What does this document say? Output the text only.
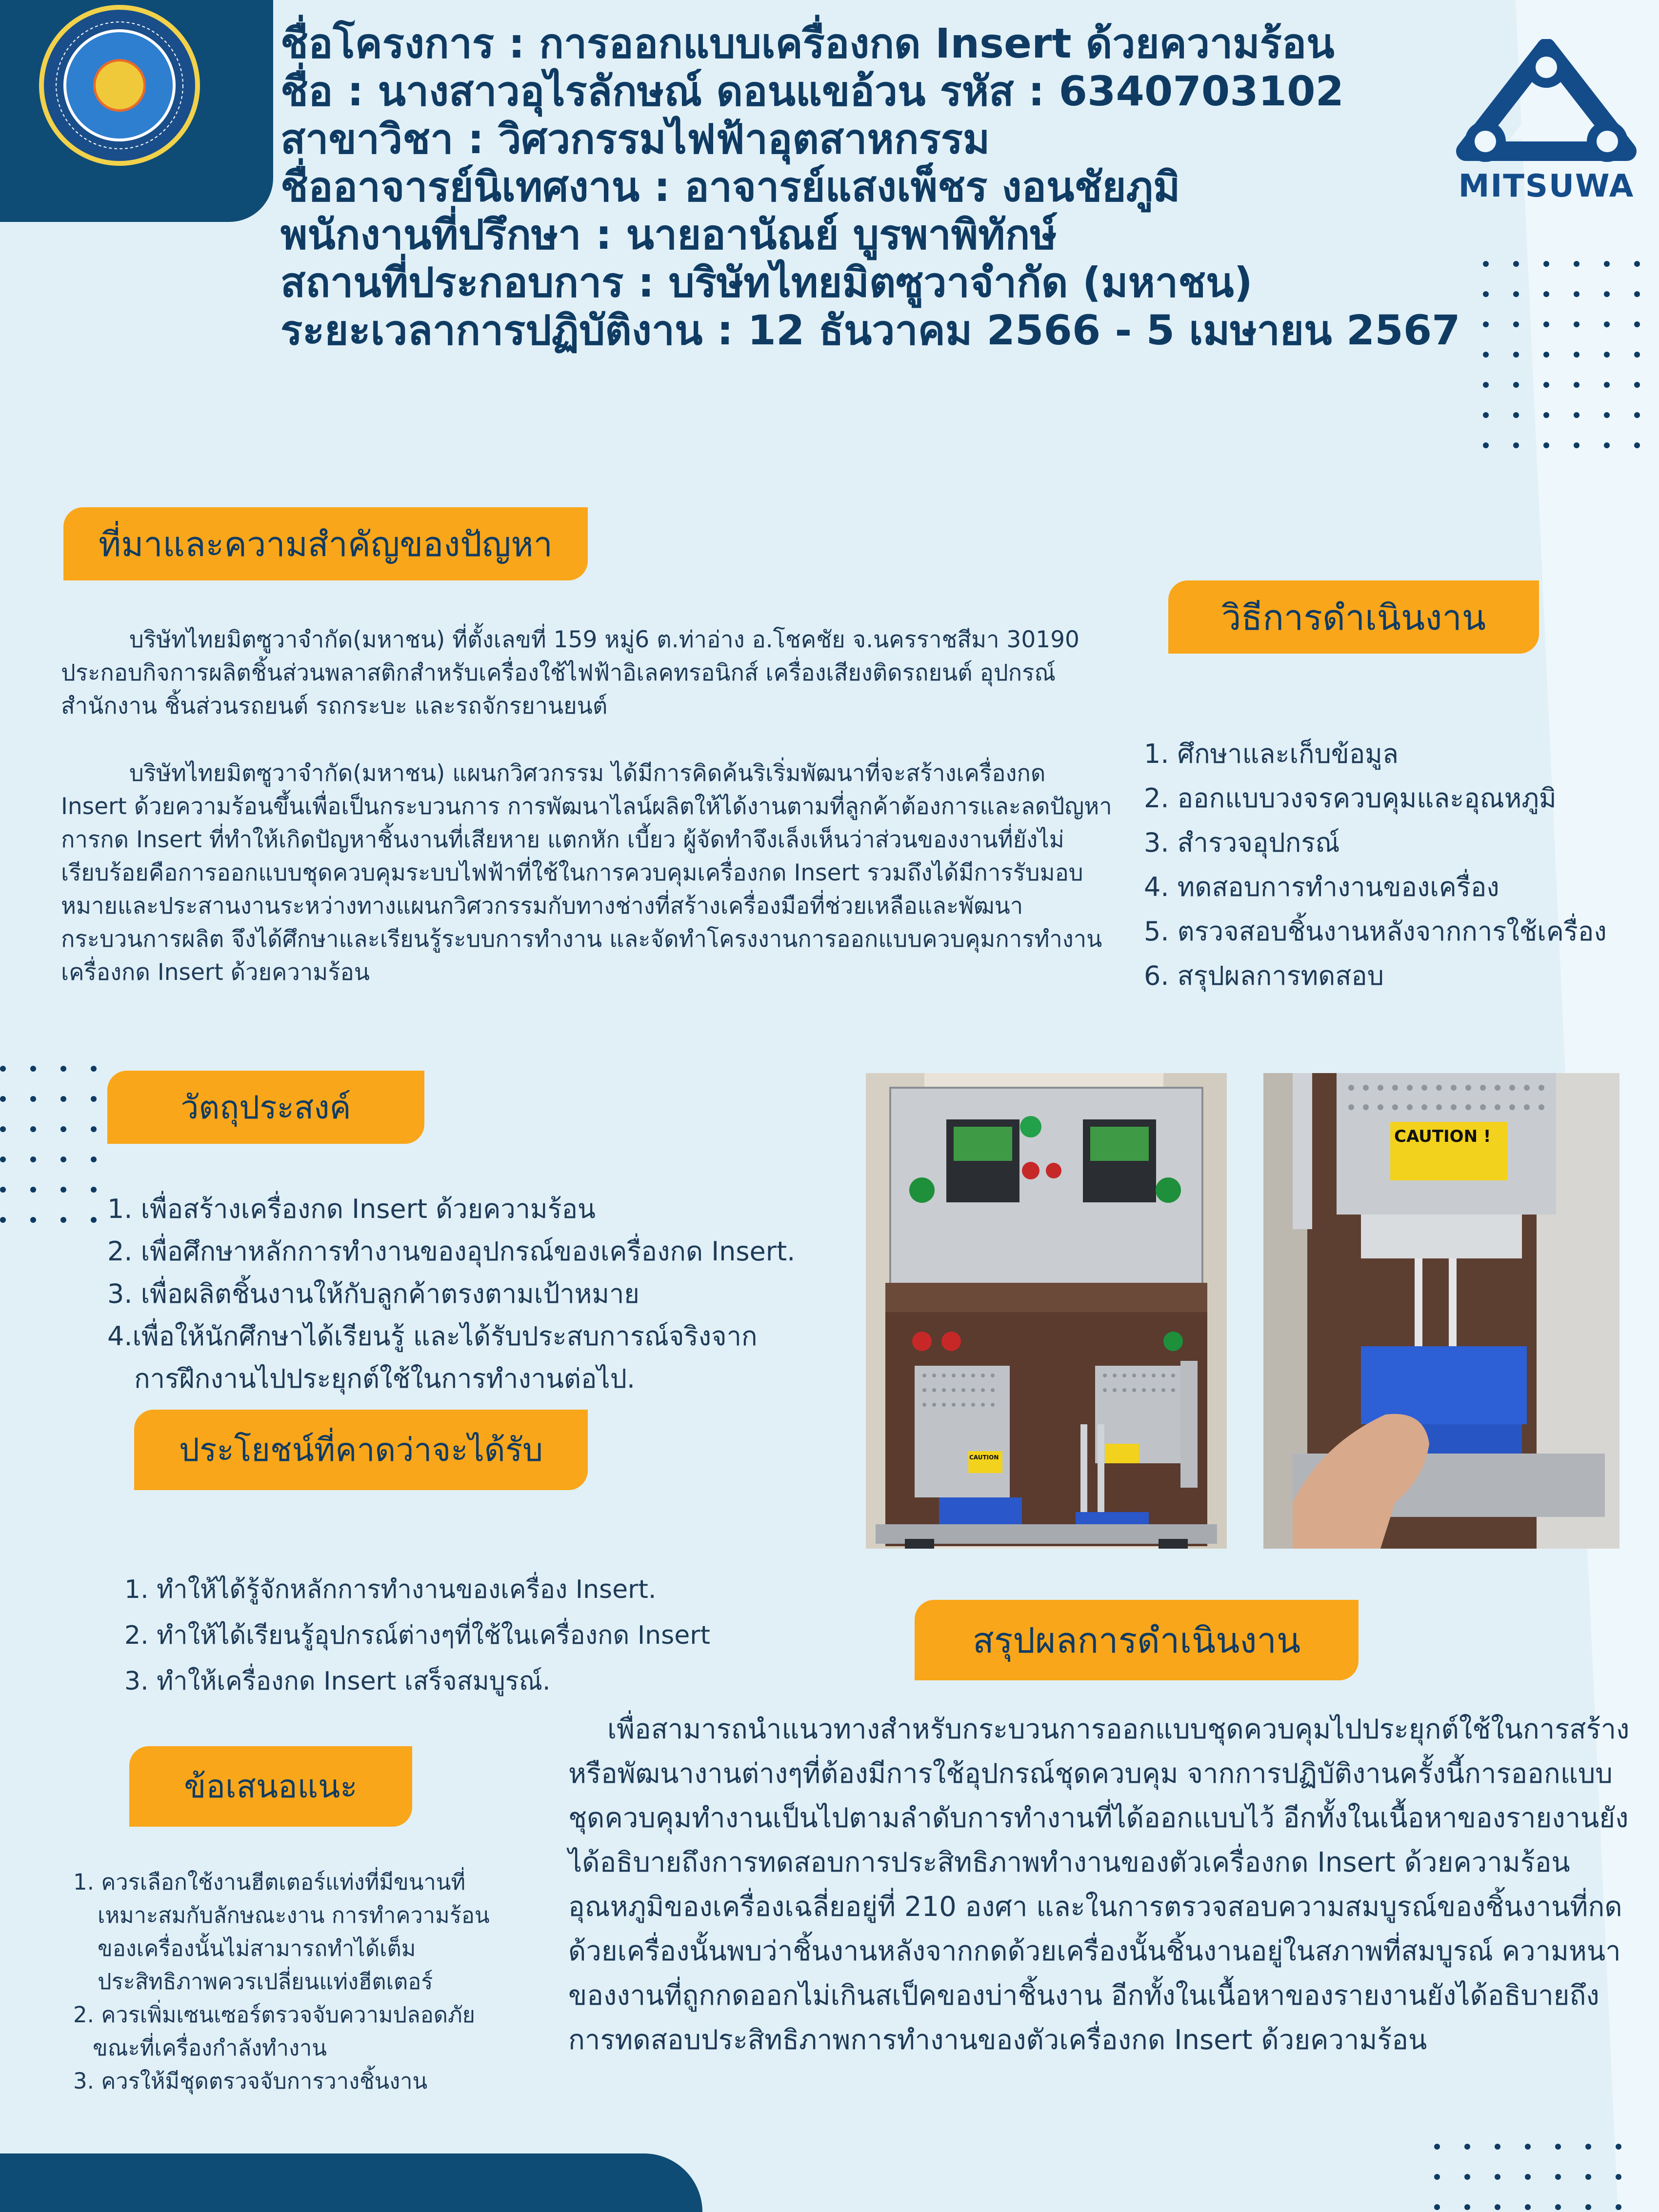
ชื่อโครงการ : การออกแบบเครื่องกด Insert ด้วยความร้อน
ชื่อ : นางสาวอุไรลักษณ์ ดอนแขอ้วน รหัส : 6340703102
สาขาวิชา : วิศวกรรมไฟฟ้าอุตสาหกรรม
ชื่ออาจารย์นิเทศงาน : อาจารย์แสงเพ็ชร งอนชัยภูมิ
พนักงานที่ปรึกษา : นายอานัณย์ บูรพาพิทักษ์
สถานที่ประกอบการ : บริษัทไทยมิตซูวาจำกัด (มหาชน)
ระยะเวลาการปฏิบัติงาน : 12 ธันวาคม 2566 - 5 เมษายน 2567
MITSUWA
ที่มาและความสำคัญของปัญหา

บริษัทไทยมิตซูวาจำกัด(มหาชน) ที่ตั้งเลขที่ 159 หมู่6 ต.ท่าอ่าง อ.โชคชัย จ.นครราชสีมา 30190 ประกอบกิจการผลิตชิ้นส่วนพลาสติกสำหรับเครื่องใช้ไฟฟ้าอิเลคทรอนิกส์ เครื่องเสียงติดรถยนต์ อุปกรณ์สำนักงาน ชิ้นส่วนรถยนต์ รถกระบะ และรถจักรยานยนต์

บริษัทไทยมิตซูวาจำกัด(มหาชน) แผนกวิศวกรรม ได้มีการคิดค้นริเริ่มพัฒนาที่จะสร้างเครื่องกด Insert ด้วยความร้อนขึ้นเพื่อเป็นกระบวนการ การพัฒนาไลน์ผลิตให้ได้งานตามที่ลูกค้าต้องการและลดปัญหาการกด Insert ที่ทำให้เกิดปัญหาชิ้นงานที่เสียหาย แตกหัก เบี้ยว ผู้จัดทำจึงเล็งเห็นว่าส่วนของงานที่ยังไม่เรียบร้อยคือการออกแบบชุดควบคุมระบบไฟฟ้าที่ใช้ในการควบคุมเครื่องกด Insert รวมถึงได้มีการรับมอบหมายและประสานงานระหว่างทางแผนกวิศวกรรมกับทางช่างที่สร้างเครื่องมือที่ช่วยเหลือและพัฒนากระบวนการผลิต จึงได้ศึกษาและเรียนรู้ระบบการทำงาน และจัดทำโครงงานการออกแบบควบคุมการทำงานเครื่องกด Insert ด้วยความร้อน

วิธีการดำเนินงาน
1. ศึกษาและเก็บข้อมูล
2. ออกแบบวงจรควบคุมและอุณหภูมิ
3. สำรวจอุปกรณ์
4. ทดสอบการทำงานของเครื่อง
5. ตรวจสอบชิ้นงานหลังจากการใช้เครื่อง
6. สรุปผลการทดสอบ
วัตถุประสงค์
1. เพื่อสร้างเครื่องกด Insert ด้วยความร้อน
2. เพื่อศึกษาหลักการทำงานของอุปกรณ์ของเครื่องกด Insert.
3. เพื่อผลิตชิ้นงานให้กับลูกค้าตรงตามเป้าหมาย
4.เพื่อให้นักศึกษาได้เรียนรู้ และได้รับประสบการณ์จริงจาก
การฝึกงานไปประยุกต์ใช้ในการทำงานต่อไป.
ประโยชน์ที่คาดว่าจะได้รับ
1. ทำให้ได้รู้จักหลักการทำงานของเครื่อง Insert.
2. ทำให้ได้เรียนรู้อุปกรณ์ต่างๆที่ใช้ในเครื่องกด Insert
3. ทำให้เครื่องกด Insert เสร็จสมบูรณ์.
ข้อเสนอแนะ
1. ควรเลือกใช้งานฮีตเตอร์แท่งที่มีขนานที่
เหมาะสมกับลักษณะงาน การทำความร้อน
ของเครื่องนั้นไม่สามารถทำได้เต็ม
ประสิทธิภาพควรเปลี่ยนแท่งฮีตเตอร์
2. ควรเพิ่มเซนเซอร์ตรวจจับความปลอดภัย
ขณะที่เครื่องกำลังทำงาน
3. ควรให้มีชุดตรวจจับการวางชิ้นงาน
สรุปผลการดำเนินงาน

เพื่อสามารถนำแนวทางสำหรับกระบวนการออกแบบชุดควบคุมไปประยุกต์ใช้ในการสร้างหรือพัฒนางานต่างๆที่ต้องมีการใช้อุปกรณ์ชุดควบคุม จากการปฏิบัติงานครั้งนี้การออกแบบชุดควบคุมทำงานเป็นไปตามลำดับการทำงานที่ได้ออกแบบไว้ อีกทั้งในเนื้อหาของรายงานยังได้อธิบายถึงการทดสอบการประสิทธิภาพทำงานของตัวเครื่องกด Insert ด้วยความร้อน อุณหภูมิของเครื่องเฉลี่ยอยู่ที่ 210 องศา และในการตรวจสอบความสมบูรณ์ของชิ้นงานที่กดด้วยเครื่องนั้นพบว่าชิ้นงานหลังจากกดด้วยเครื่องนั้นชิ้นงานอยู่ในสภาพที่สมบูรณ์ ความหนาของงานที่ถูกกดออกไม่เกินสเป็คของบ่าชิ้นงาน อีกทั้งในเนื้อหาของรายงานยังได้อธิบายถึงการทดสอบประสิทธิภาพการทำงานของตัวเครื่องกด Insert ด้วยความร้อน

CAUTION
CAUTION !
